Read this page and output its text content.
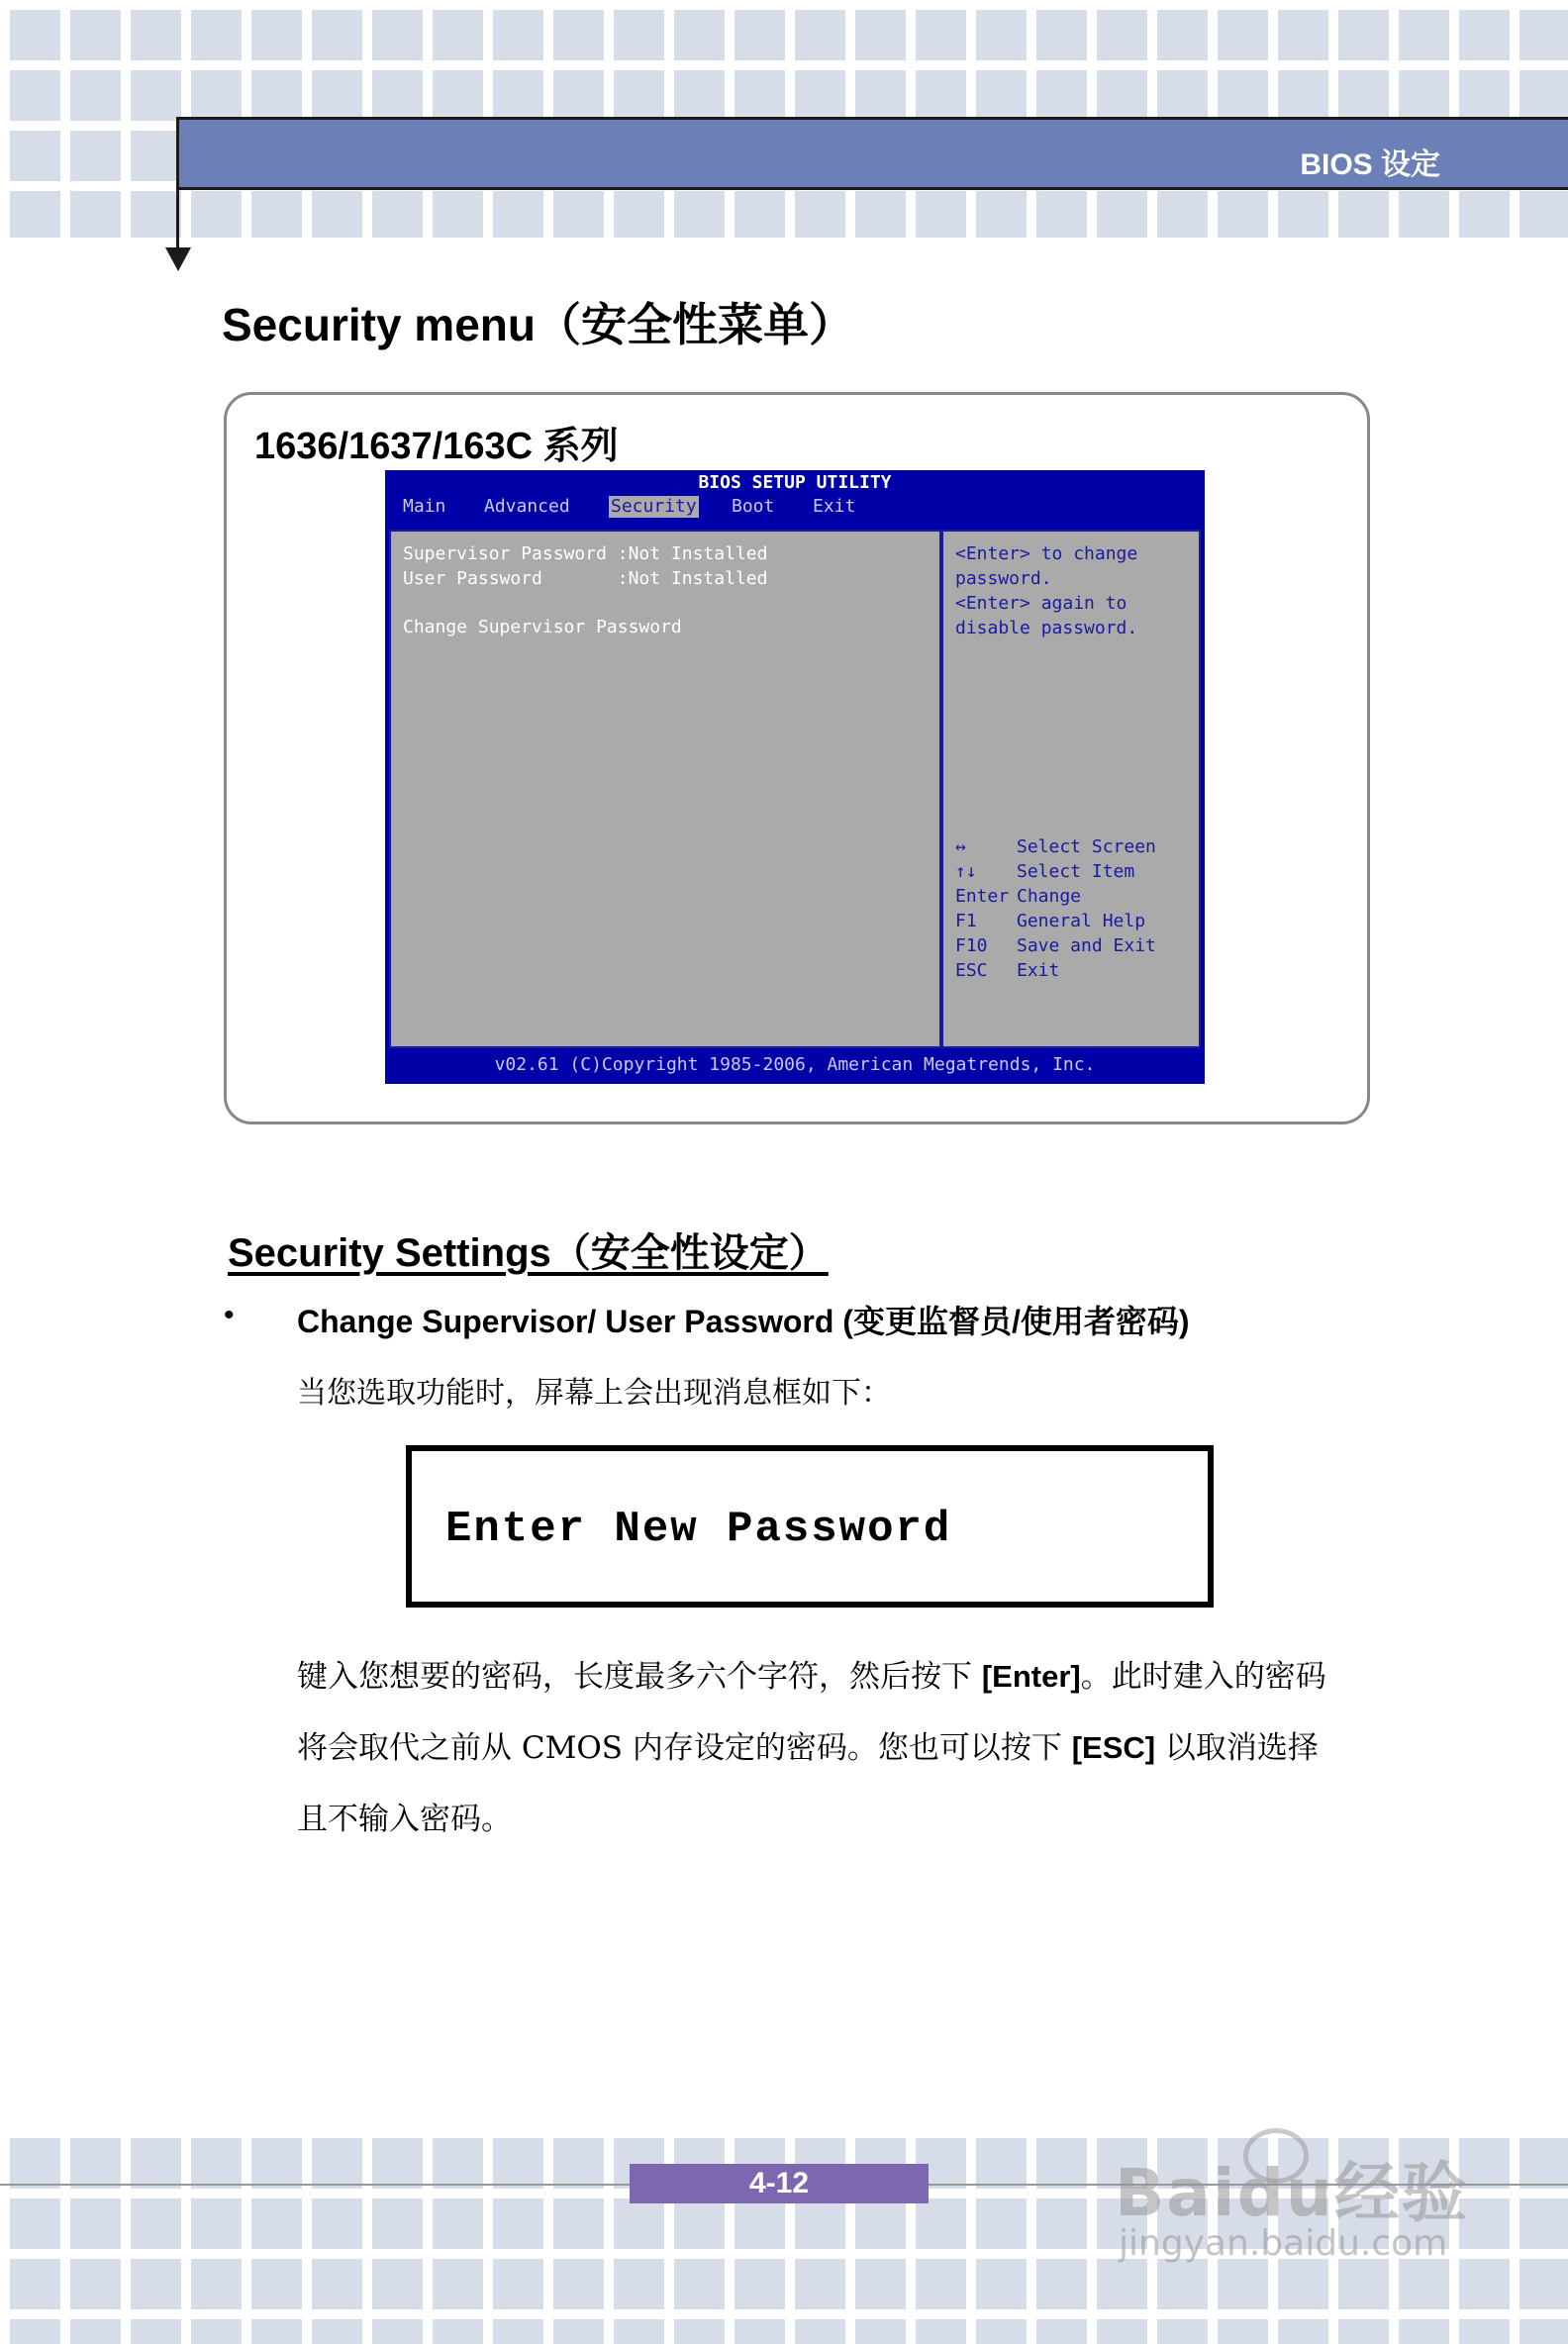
BIOS 设定
Security menu（安全性菜单）
1636/1637/163C 系列
BIOS SETUP UTILITY
Main Advanced Security Boot Exit
Supervisor Password :Not Installed
User Password       :Not Installed
Change Supervisor Password
<Enter> to change
password.
<Enter> again to
disable password.
↔	Select Screen
↑↓ Select Item
Enter Change
F1 General Help
F10 Save and Exit
ESC Exit
v02.61 (C)Copyright 1985-2006, American Megatrends, Inc.
Security Settings（安全性设定）
• Change Supervisor/ User Password (变更监督员/使用者密码)
当您选取功能时，屏幕上会出现消息框如下：
Enter New Password
键入您想要的密码，长度最多六个字符，然后按下 [Enter]。此时建入的密码
将会取代之前从 CMOS 内存设定的密码。您也可以按下 [ESC] 以取消选择
且不输入密码。
4-12	Baidu经验
jingyan.baidu.com
